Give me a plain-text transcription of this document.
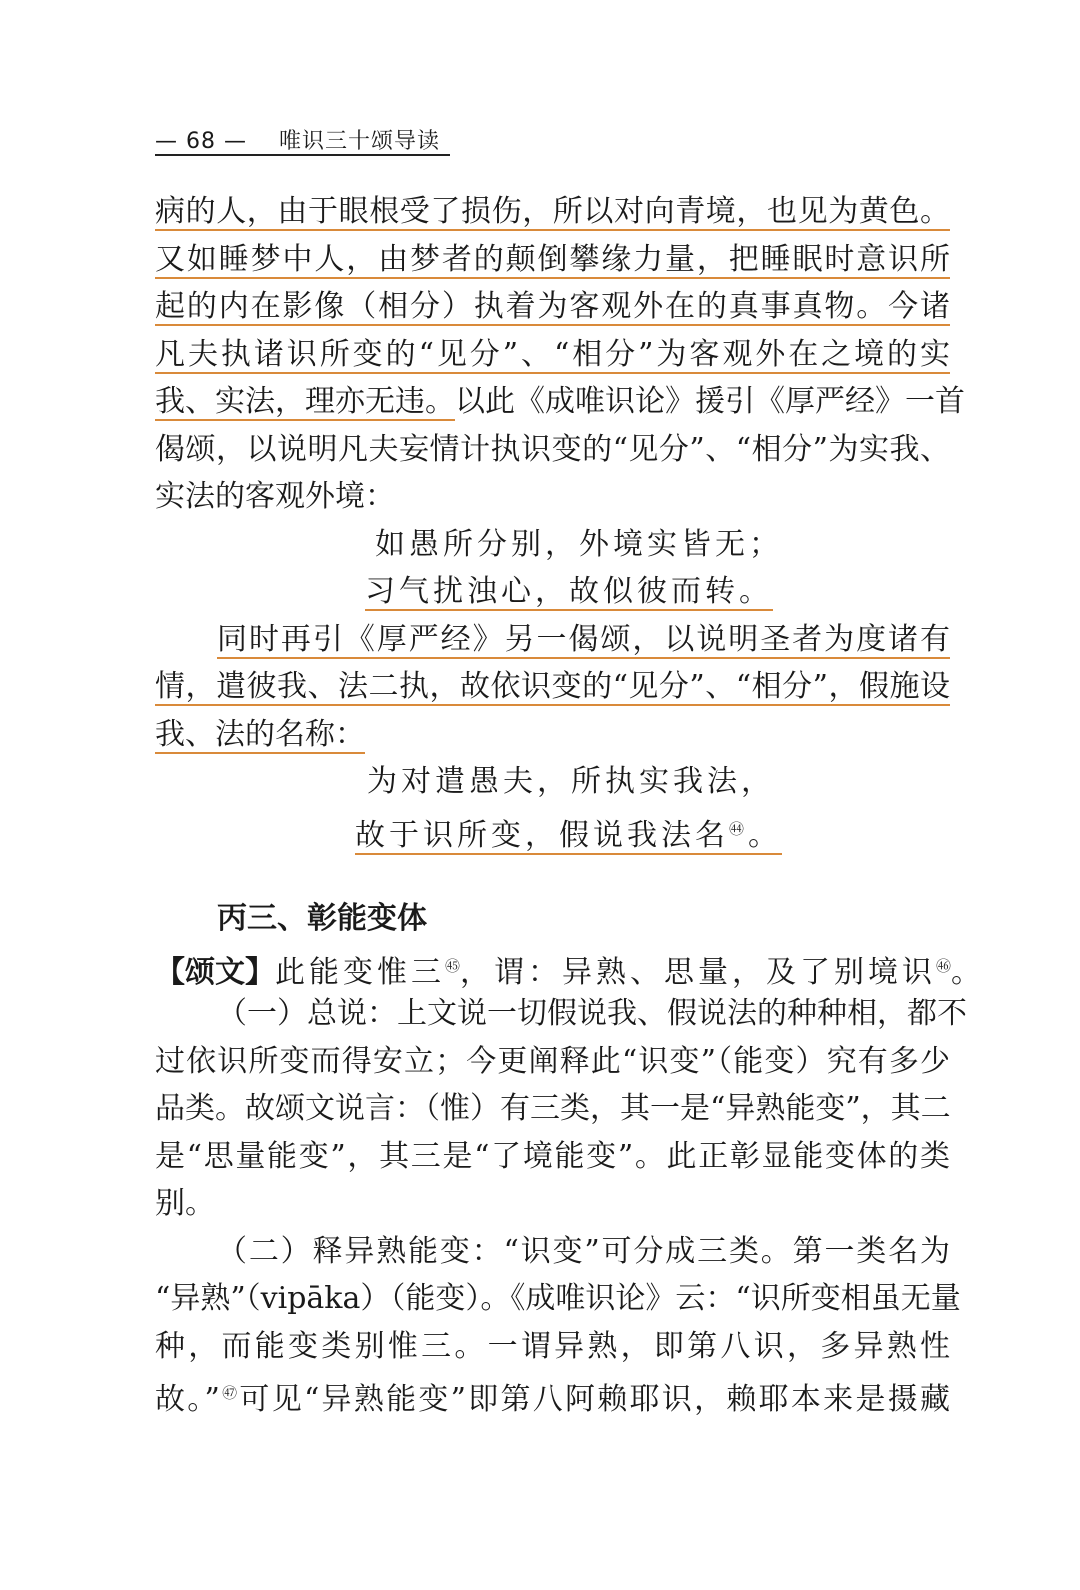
— 68 — 唯识三十颂导读
病的人，由于眼根受了损伤，所以对向青境，也见为黄色。
又如睡梦中人，由梦者的颠倒攀缘力量，把睡眠时意识所
起的内在影像（相分）执着为客观外在的真事真物。今诸
凡夫执诸识所变的“见分”、“相分”为客观外在之境的实
我、实法，理亦无违。以此《成唯识论》援引《厚严经》一首
偈颂，以说明凡夫妄情计执识变的“见分”、“相分”为实我、
实法的客观外境：
如愚所分别，外境实皆无；
习气扰浊心，故似彼而转。
同时再引《厚严经》另一偈颂，以说明圣者为度诸有
情，遣彼我、法二执，故依识变的“见分”、“相分”，假施设
我、法的名称：
为对遣愚夫，所执实我法，
故于识所变，假说我法名$^㊹$。
丙三、彰能变体
【颂文】此能变惟三$^㊺$，谓：异熟、思量，及了别境识$^㊻$。
（一）总说：上文说一切假说我、假说法的种种相，都不
过依识所变而得安立；今更阐释此“识变”（能变）究有多少
品类。故颂文说言：（惟）有三类，其一是“异熟能变”，其二
是“思量能变”，其三是“了境能变”。此正彰显能变体的类
别。
（二）释异熟能变：“识变”可分成三类。第一类名为
“异熟”（vipāka）（能变）。《成唯识论》云：“识所变相虽无量
种，而能变类别惟三。一谓异熟，即第八识，多异熟性
故。”$^㊼$可见“异熟能变”即第八阿赖耶识，赖耶本来是摄藏
